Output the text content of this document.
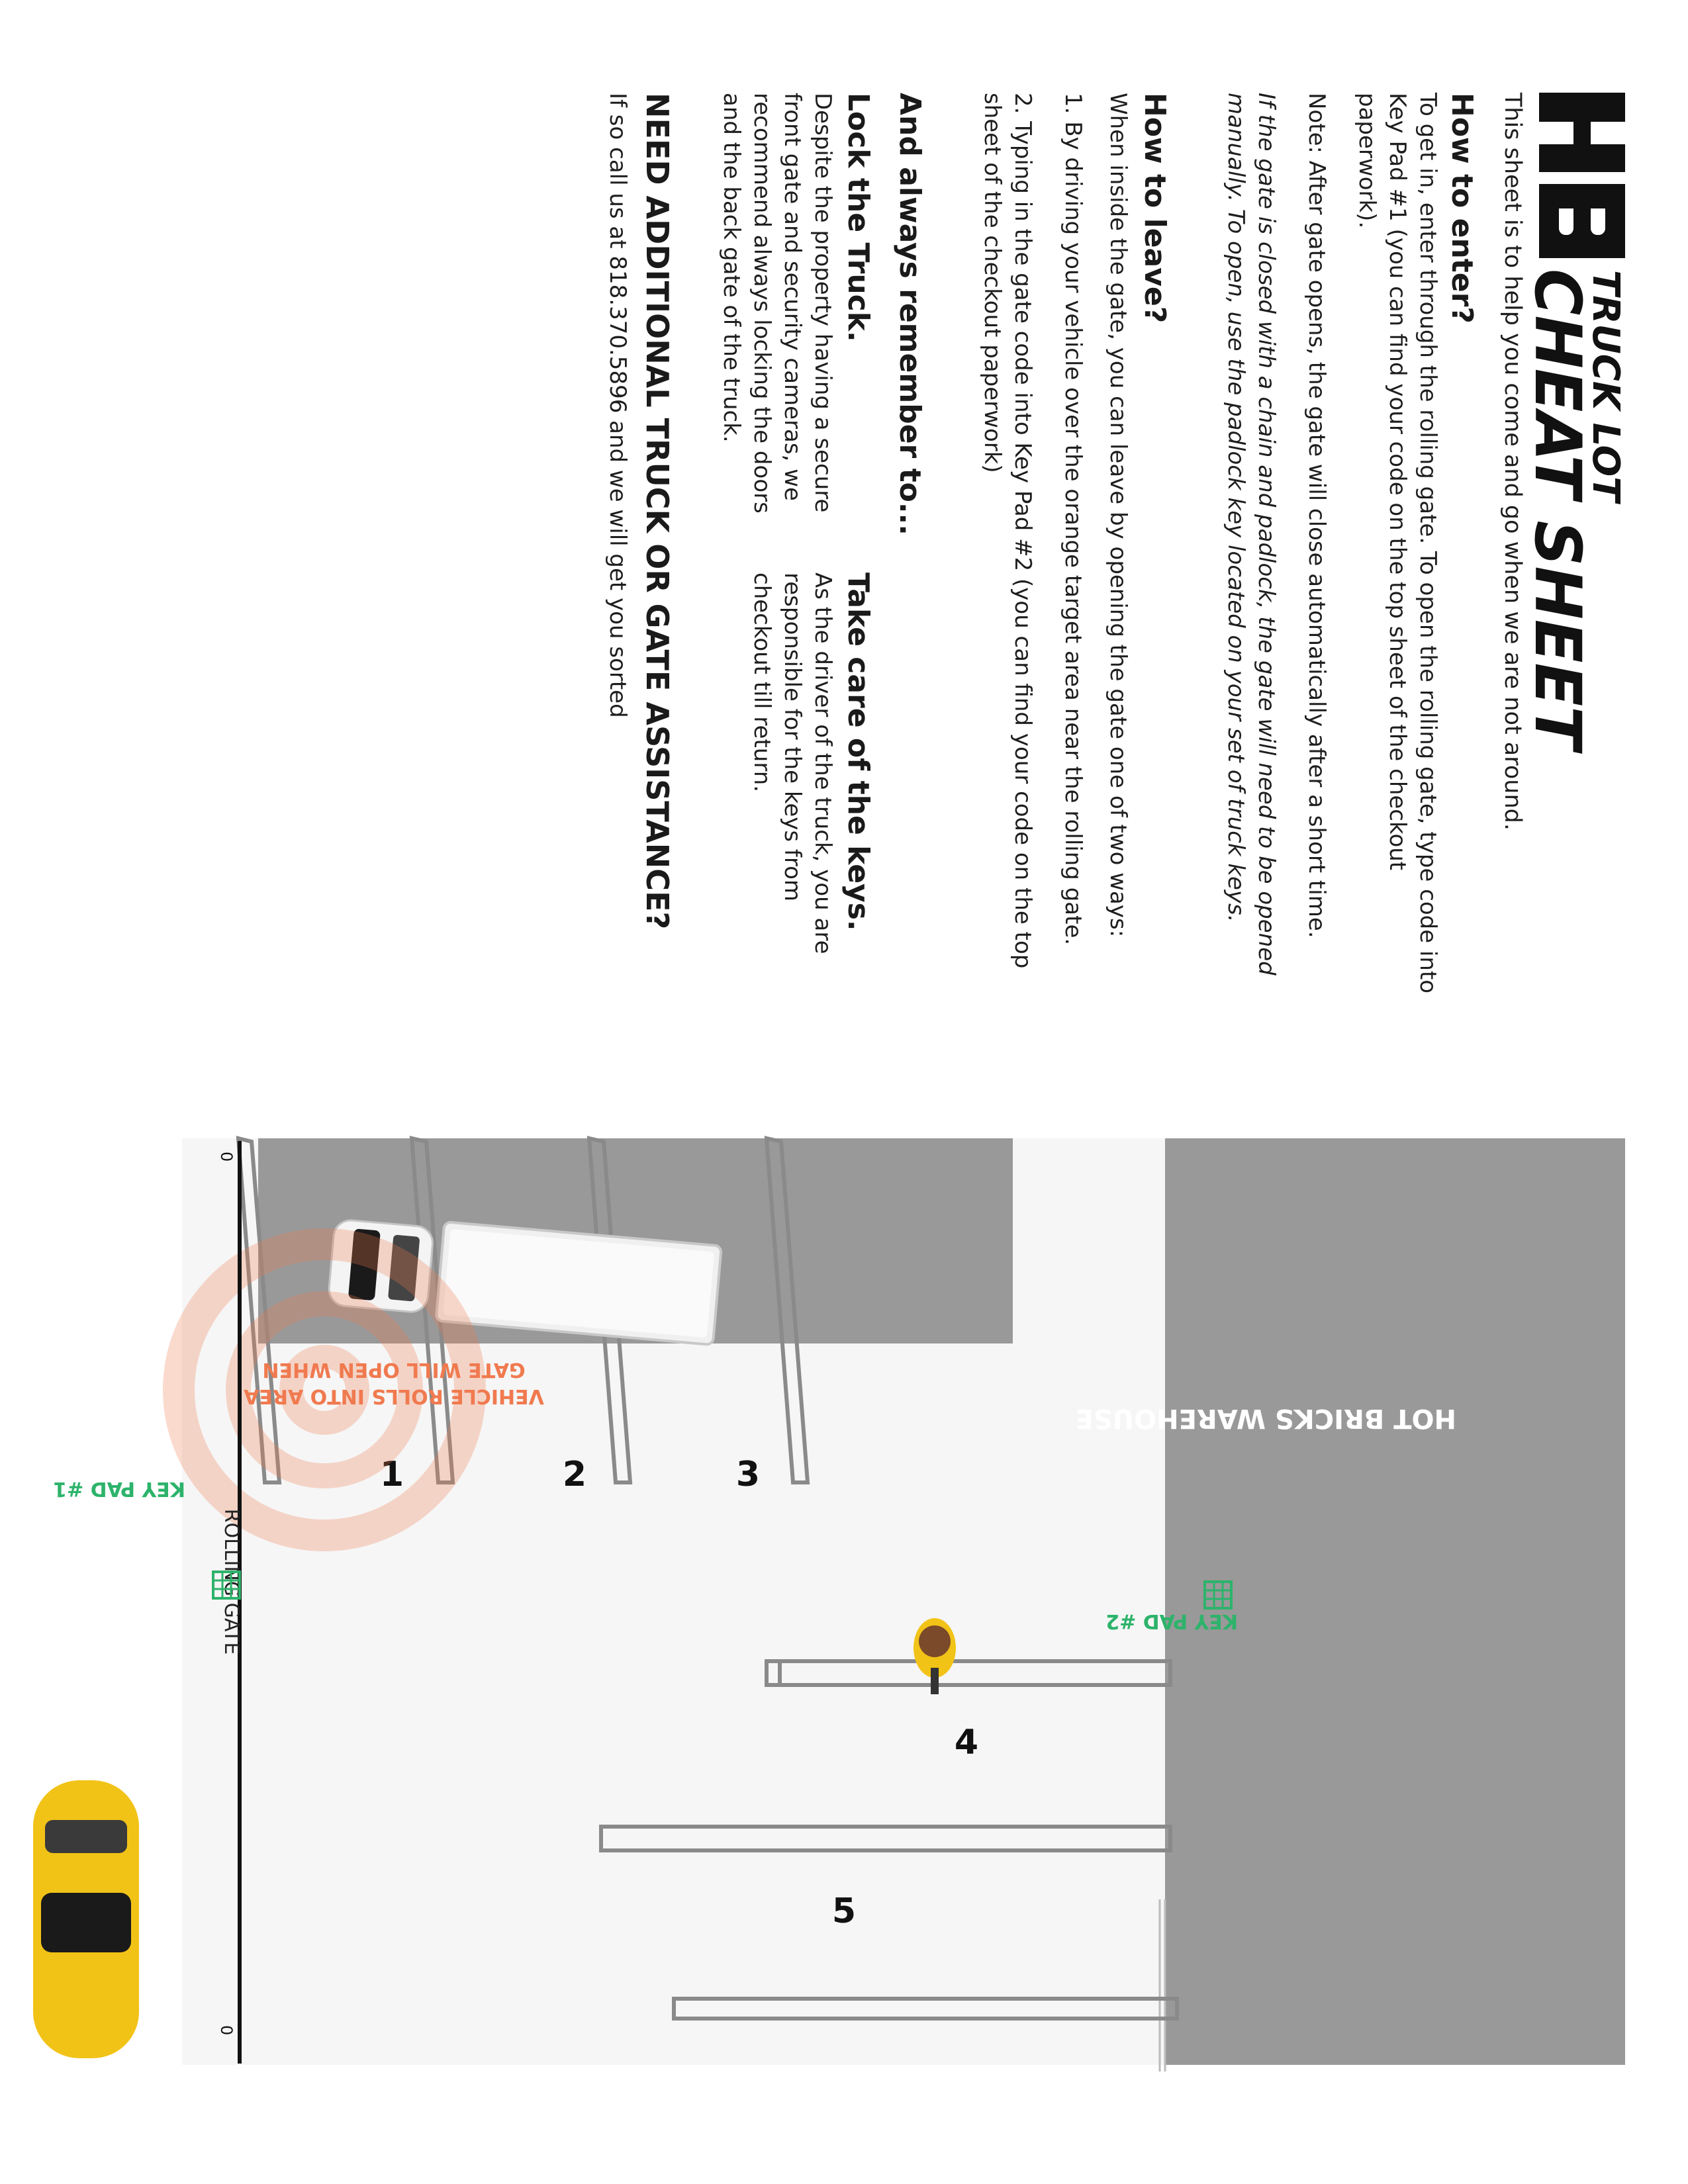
TRUCK LOT
CHEAT SHEET
This sheet is to help you come and go when we are not around.
How to enter?
To get in, enter through the rolling gate. To open the rolling gate, type code into
Key Pad #1 (you can find your code on the top sheet of the checkout
paperwork).
Note: After gate opens, the gate will close automatically after a short time.
If the gate is closed with a chain and padlock, the gate will need to be opened
manually. To open, use the padlock key located on your set of truck keys.
How to leave?
When inside the gate, you can leave by opening the gate one of two ways:
1. By driving your vehicle over the orange target area near the rolling gate.
2. Typing in the gate code into Key Pad #2 (you can find your code on the top
sheet of the checkout paperwork)
And always remember to...
Lock the Truck.
Despite the property having a secure
front gate and security cameras, we
recommend always locking the doors
and the back gate of the truck.
Take care of the keys.
As the driver of the truck, you are
responsible for the keys from
checkout till return.
NEED ADDITIONAL TRUCK OR GATE ASSISTANCE?
If so call us at 818.370.5896 and we will get you sorted
1	2	3
4
5
GATE WILL OPEN WHEN
VEHICLE ROLLS INTO AREA
0
0
ROLLING GATE
KEY PAD #1
KEY PAD #2
HOT BRICKS WAREHOUSE
